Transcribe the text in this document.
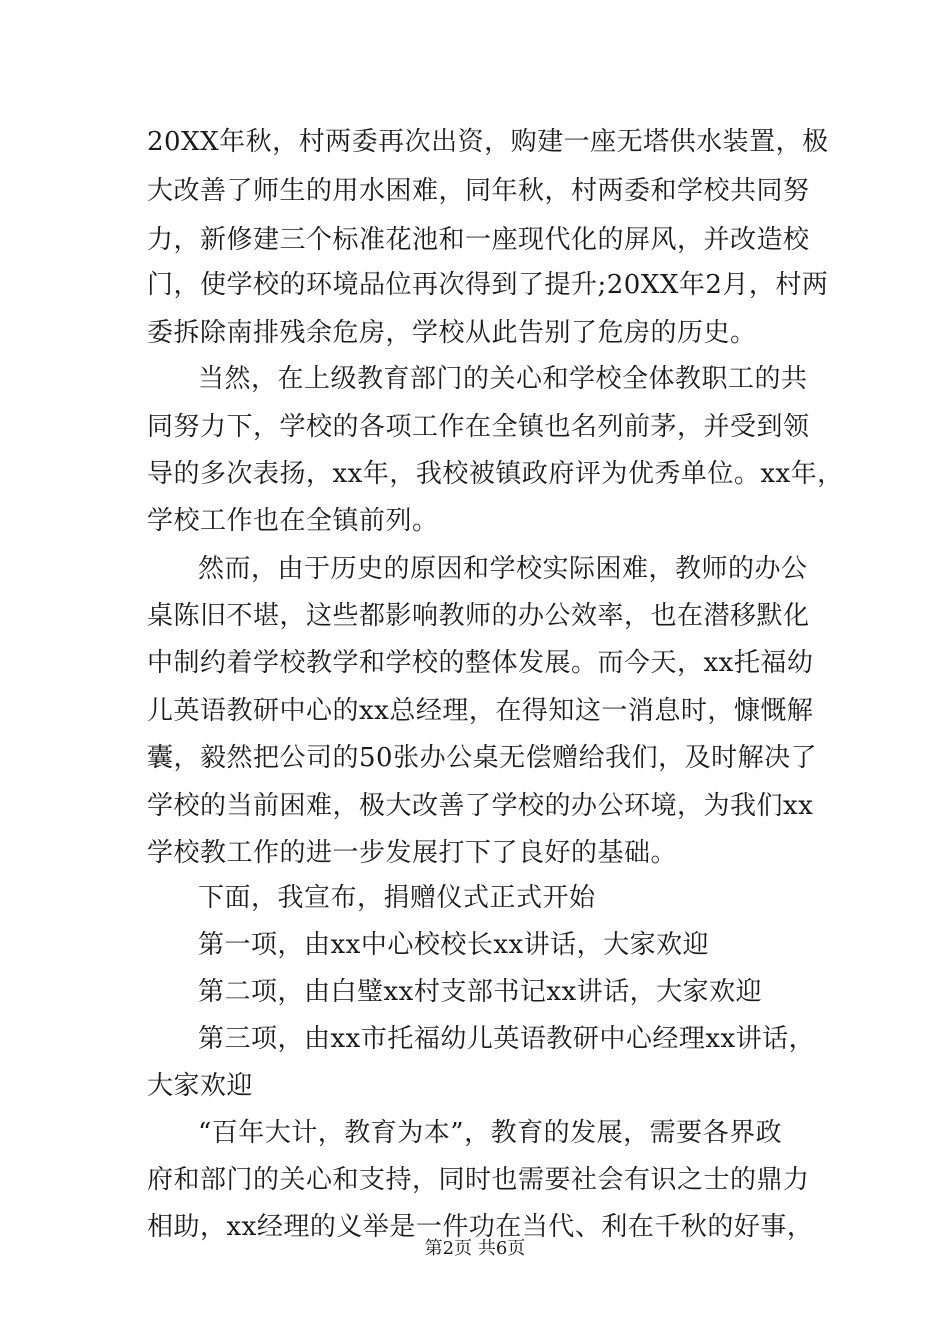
20XX年秋，村两委再次出资，购建一座无塔供水装置，极
大改善了师生的用水困难，同年秋，村两委和学校共同努
力，新修建三个标准花池和一座现代化的屏风，并改造校
门，使学校的环境品位再次得到了提升;20XX年2月，村两
委拆除南排残余危房，学校从此告别了危房的历史。
当然，在上级教育部门的关心和学校全体教职工的共
同努力下，学校的各项工作在全镇也名列前茅，并受到领
导的多次表扬，xx年，我校被镇政府评为优秀单位。xx年，
学校工作也在全镇前列。
然而，由于历史的原因和学校实际困难，教师的办公
桌陈旧不堪，这些都影响教师的办公效率，也在潜移默化
中制约着学校教学和学校的整体发展。而今天，xx托福幼
儿英语教研中心的xx总经理，在得知这一消息时，慷慨解
囊，毅然把公司的50张办公桌无偿赠给我们，及时解决了
学校的当前困难，极大改善了学校的办公环境，为我们xx
学校教工作的进一步发展打下了良好的基础。
下面，我宣布，捐赠仪式正式开始
第一项，由xx中心校校长xx讲话，大家欢迎
第二项，由白璧xx村支部书记xx讲话，大家欢迎
第三项，由xx市托福幼儿英语教研中心经理xx讲话，
大家欢迎
“百年大计，教育为本”，教育的发展，需要各界政
府和部门的关心和支持，同时也需要社会有识之士的鼎力
相助，xx经理的义举是一件功在当代、利在千秋的好事，
第2页 共6页
